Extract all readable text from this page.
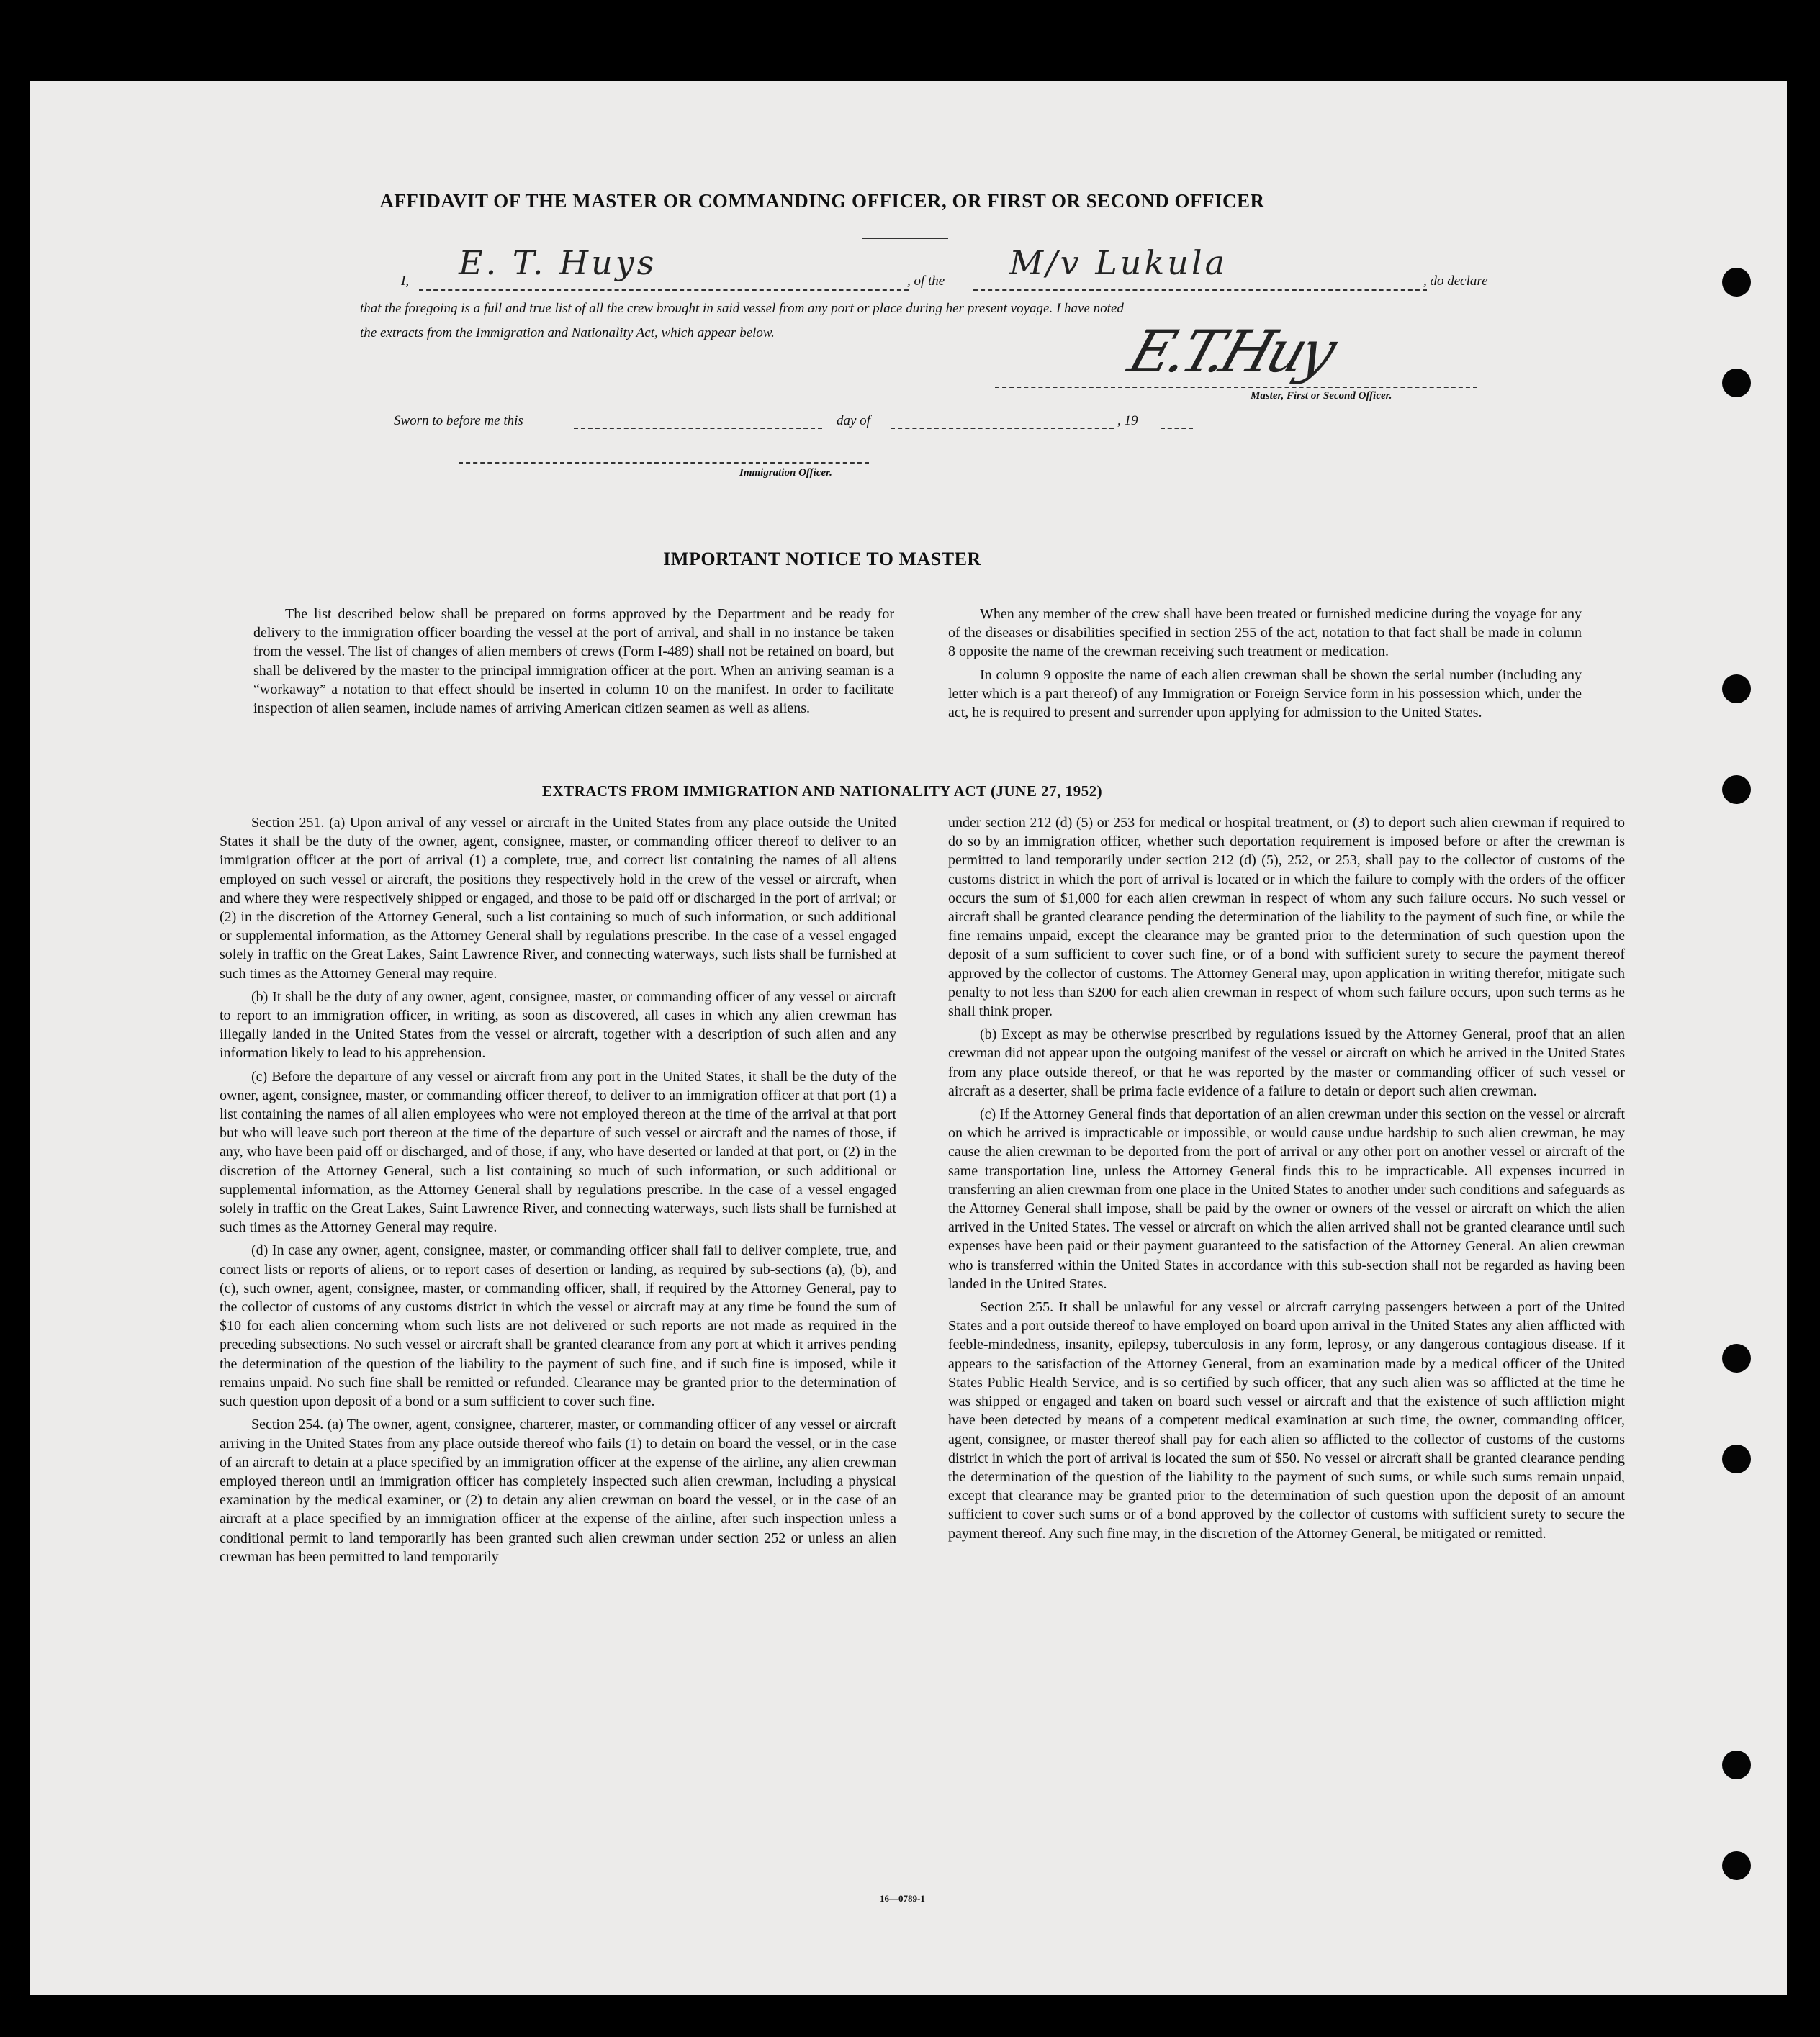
AFFIDAVIT OF THE MASTER OR COMMANDING OFFICER, OR FIRST OR SECOND OFFICER
I, E. T. Huys	, of the M/v Lukula	, do declare
that the foregoing is a full and true list of all the crew brought in said vessel from any port or place during her present voyage. I have noted
the extracts from the Immigration and Nationality Act, which appear below.	E.T.Huy
Master, First or Second Officer.
Sworn to before me this	day of	, 19
Immigration Officer.
IMPORTANT NOTICE TO MASTER

The list described below shall be prepared on forms approved by the Department and be ready for delivery to the immigration officer boarding the vessel at the port of arrival, and shall in no instance be taken from the vessel. The list of changes of alien members of crews (Form I-489) shall not be retained on board, but shall be delivered by the master to the principal immigration officer at the port. When an arriving seaman is a “workaway” a notation to that effect should be inserted in column 10 on the manifest. In order to facilitate inspection of alien seamen, include names of arriving American citizen seamen as well as aliens.

When any member of the crew shall have been treated or furnished medicine during the voyage for any of the diseases or disabilities specified in section 255 of the act, notation to that fact shall be made in column 8 opposite the name of the crewman receiving such treatment or medication.

In column 9 opposite the name of each alien crewman shall be shown the serial number (including any letter which is a part thereof) of any Immigration or Foreign Service form in his possession which, under the act, he is required to present and surrender upon applying for admission to the United States.

EXTRACTS FROM IMMIGRATION AND NATIONALITY ACT (JUNE 27, 1952)

Section 251. (a) Upon arrival of any vessel or aircraft in the United States from any place outside the United States it shall be the duty of the owner, agent, consignee, master, or commanding officer thereof to deliver to an immigration officer at the port of arrival (1) a complete, true, and correct list containing the names of all aliens employed on such vessel or aircraft, the positions they respectively hold in the crew of the vessel or aircraft, when and where they were respectively shipped or engaged, and those to be paid off or discharged in the port of arrival; or (2) in the discretion of the Attorney General, such a list containing so much of such information, or such additional or supplemental information, as the Attorney General shall by regulations prescribe. In the case of a vessel engaged solely in traffic on the Great Lakes, Saint Lawrence River, and connecting waterways, such lists shall be furnished at such times as the Attorney General may require.

(b) It shall be the duty of any owner, agent, consignee, master, or commanding officer of any vessel or aircraft to report to an immigration officer, in writing, as soon as discovered, all cases in which any alien crewman has illegally landed in the United States from the vessel or aircraft, together with a description of such alien and any information likely to lead to his apprehension.

(c) Before the departure of any vessel or aircraft from any port in the United States, it shall be the duty of the owner, agent, consignee, master, or commanding officer thereof, to deliver to an immigration officer at that port (1) a list containing the names of all alien employees who were not employed thereon at the time of the arrival at that port but who will leave such port thereon at the time of the departure of such vessel or aircraft and the names of those, if any, who have been paid off or discharged, and of those, if any, who have deserted or landed at that port, or (2) in the discretion of the Attorney General, such a list containing so much of such information, or such additional or supplemental information, as the Attorney General shall by regulations prescribe. In the case of a vessel engaged solely in traffic on the Great Lakes, Saint Lawrence River, and connecting waterways, such lists shall be furnished at such times as the Attorney General may require.

(d) In case any owner, agent, consignee, master, or commanding officer shall fail to deliver complete, true, and correct lists or reports of aliens, or to report cases of desertion or landing, as required by sub-sections (a), (b), and (c), such owner, agent, consignee, master, or commanding officer, shall, if required by the Attorney General, pay to the collector of customs of any customs district in which the vessel or aircraft may at any time be found the sum of $10 for each alien concerning whom such lists are not delivered or such reports are not made as required in the preceding subsections. No such vessel or aircraft shall be granted clearance from any port at which it arrives pending the determination of the question of the liability to the payment of such fine, and if such fine is imposed, while it remains unpaid. No such fine shall be remitted or refunded. Clearance may be granted prior to the determination of such question upon deposit of a bond or a sum sufficient to cover such fine.

Section 254. (a) The owner, agent, consignee, charterer, master, or commanding officer of any vessel or aircraft arriving in the United States from any place outside thereof who fails (1) to detain on board the vessel, or in the case of an aircraft to detain at a place specified by an immigration officer at the expense of the airline, any alien crewman employed thereon until an immigration officer has completely inspected such alien crewman, including a physical examination by the medical examiner, or (2) to detain any alien crewman on board the vessel, or in the case of an aircraft at a place specified by an immigration officer at the expense of the airline, after such inspection unless a conditional permit to land temporarily has been granted such alien crewman under section 252 or unless an alien crewman has been permitted to land temporarily

under section 212 (d) (5) or 253 for medical or hospital treatment, or (3) to deport such alien crewman if required to do so by an immigration officer, whether such deportation requirement is imposed before or after the crewman is permitted to land temporarily under section 212 (d) (5), 252, or 253, shall pay to the collector of customs of the customs district in which the port of arrival is located or in which the failure to comply with the orders of the officer occurs the sum of $1,000 for each alien crewman in respect of whom any such failure occurs. No such vessel or aircraft shall be granted clearance pending the determination of the liability to the payment of such fine, or while the fine remains unpaid, except the clearance may be granted prior to the determination of such question upon the deposit of a sum sufficient to cover such fine, or of a bond with sufficient surety to secure the payment thereof approved by the collector of customs. The Attorney General may, upon application in writing therefor, mitigate such penalty to not less than $200 for each alien crewman in respect of whom such failure occurs, upon such terms as he shall think proper.

(b) Except as may be otherwise prescribed by regulations issued by the Attorney General, proof that an alien crewman did not appear upon the outgoing manifest of the vessel or aircraft on which he arrived in the United States from any place outside thereof, or that he was reported by the master or commanding officer of such vessel or aircraft as a deserter, shall be prima facie evidence of a failure to detain or deport such alien crewman.

(c) If the Attorney General finds that deportation of an alien crewman under this section on the vessel or aircraft on which he arrived is impracticable or impossible, or would cause undue hardship to such alien crewman, he may cause the alien crewman to be deported from the port of arrival or any other port on another vessel or aircraft of the same transportation line, unless the Attorney General finds this to be impracticable. All expenses incurred in transferring an alien crewman from one place in the United States to another under such conditions and safeguards as the Attorney General shall impose, shall be paid by the owner or owners of the vessel or aircraft on which the alien arrived in the United States. The vessel or aircraft on which the alien arrived shall not be granted clearance until such expenses have been paid or their payment guaranteed to the satisfaction of the Attorney General. An alien crewman who is transferred within the United States in accordance with this sub-section shall not be regarded as having been landed in the United States.

Section 255. It shall be unlawful for any vessel or aircraft carrying passengers between a port of the United States and a port outside thereof to have employed on board upon arrival in the United States any alien afflicted with feeble-mindedness, insanity, epilepsy, tuberculosis in any form, leprosy, or any dangerous contagious disease. If it appears to the satisfaction of the Attorney General, from an examination made by a medical officer of the United States Public Health Service, and is so certified by such officer, that any such alien was so afflicted at the time he was shipped or engaged and taken on board such vessel or aircraft and that the existence of such affliction might have been detected by means of a competent medical examination at such time, the owner, commanding officer, agent, consignee, or master thereof shall pay for each alien so afflicted to the collector of customs of the customs district in which the port of arrival is located the sum of $50. No vessel or aircraft shall be granted clearance pending the determination of the question of the liability to the payment of such sums, or while such sums remain unpaid, except that clearance may be granted prior to the determination of such question upon the deposit of an amount sufficient to cover such sums or of a bond approved by the collector of customs with sufficient surety to secure the payment thereof. Any such fine may, in the discretion of the Attorney General, be mitigated or remitted.

16—0789-1
